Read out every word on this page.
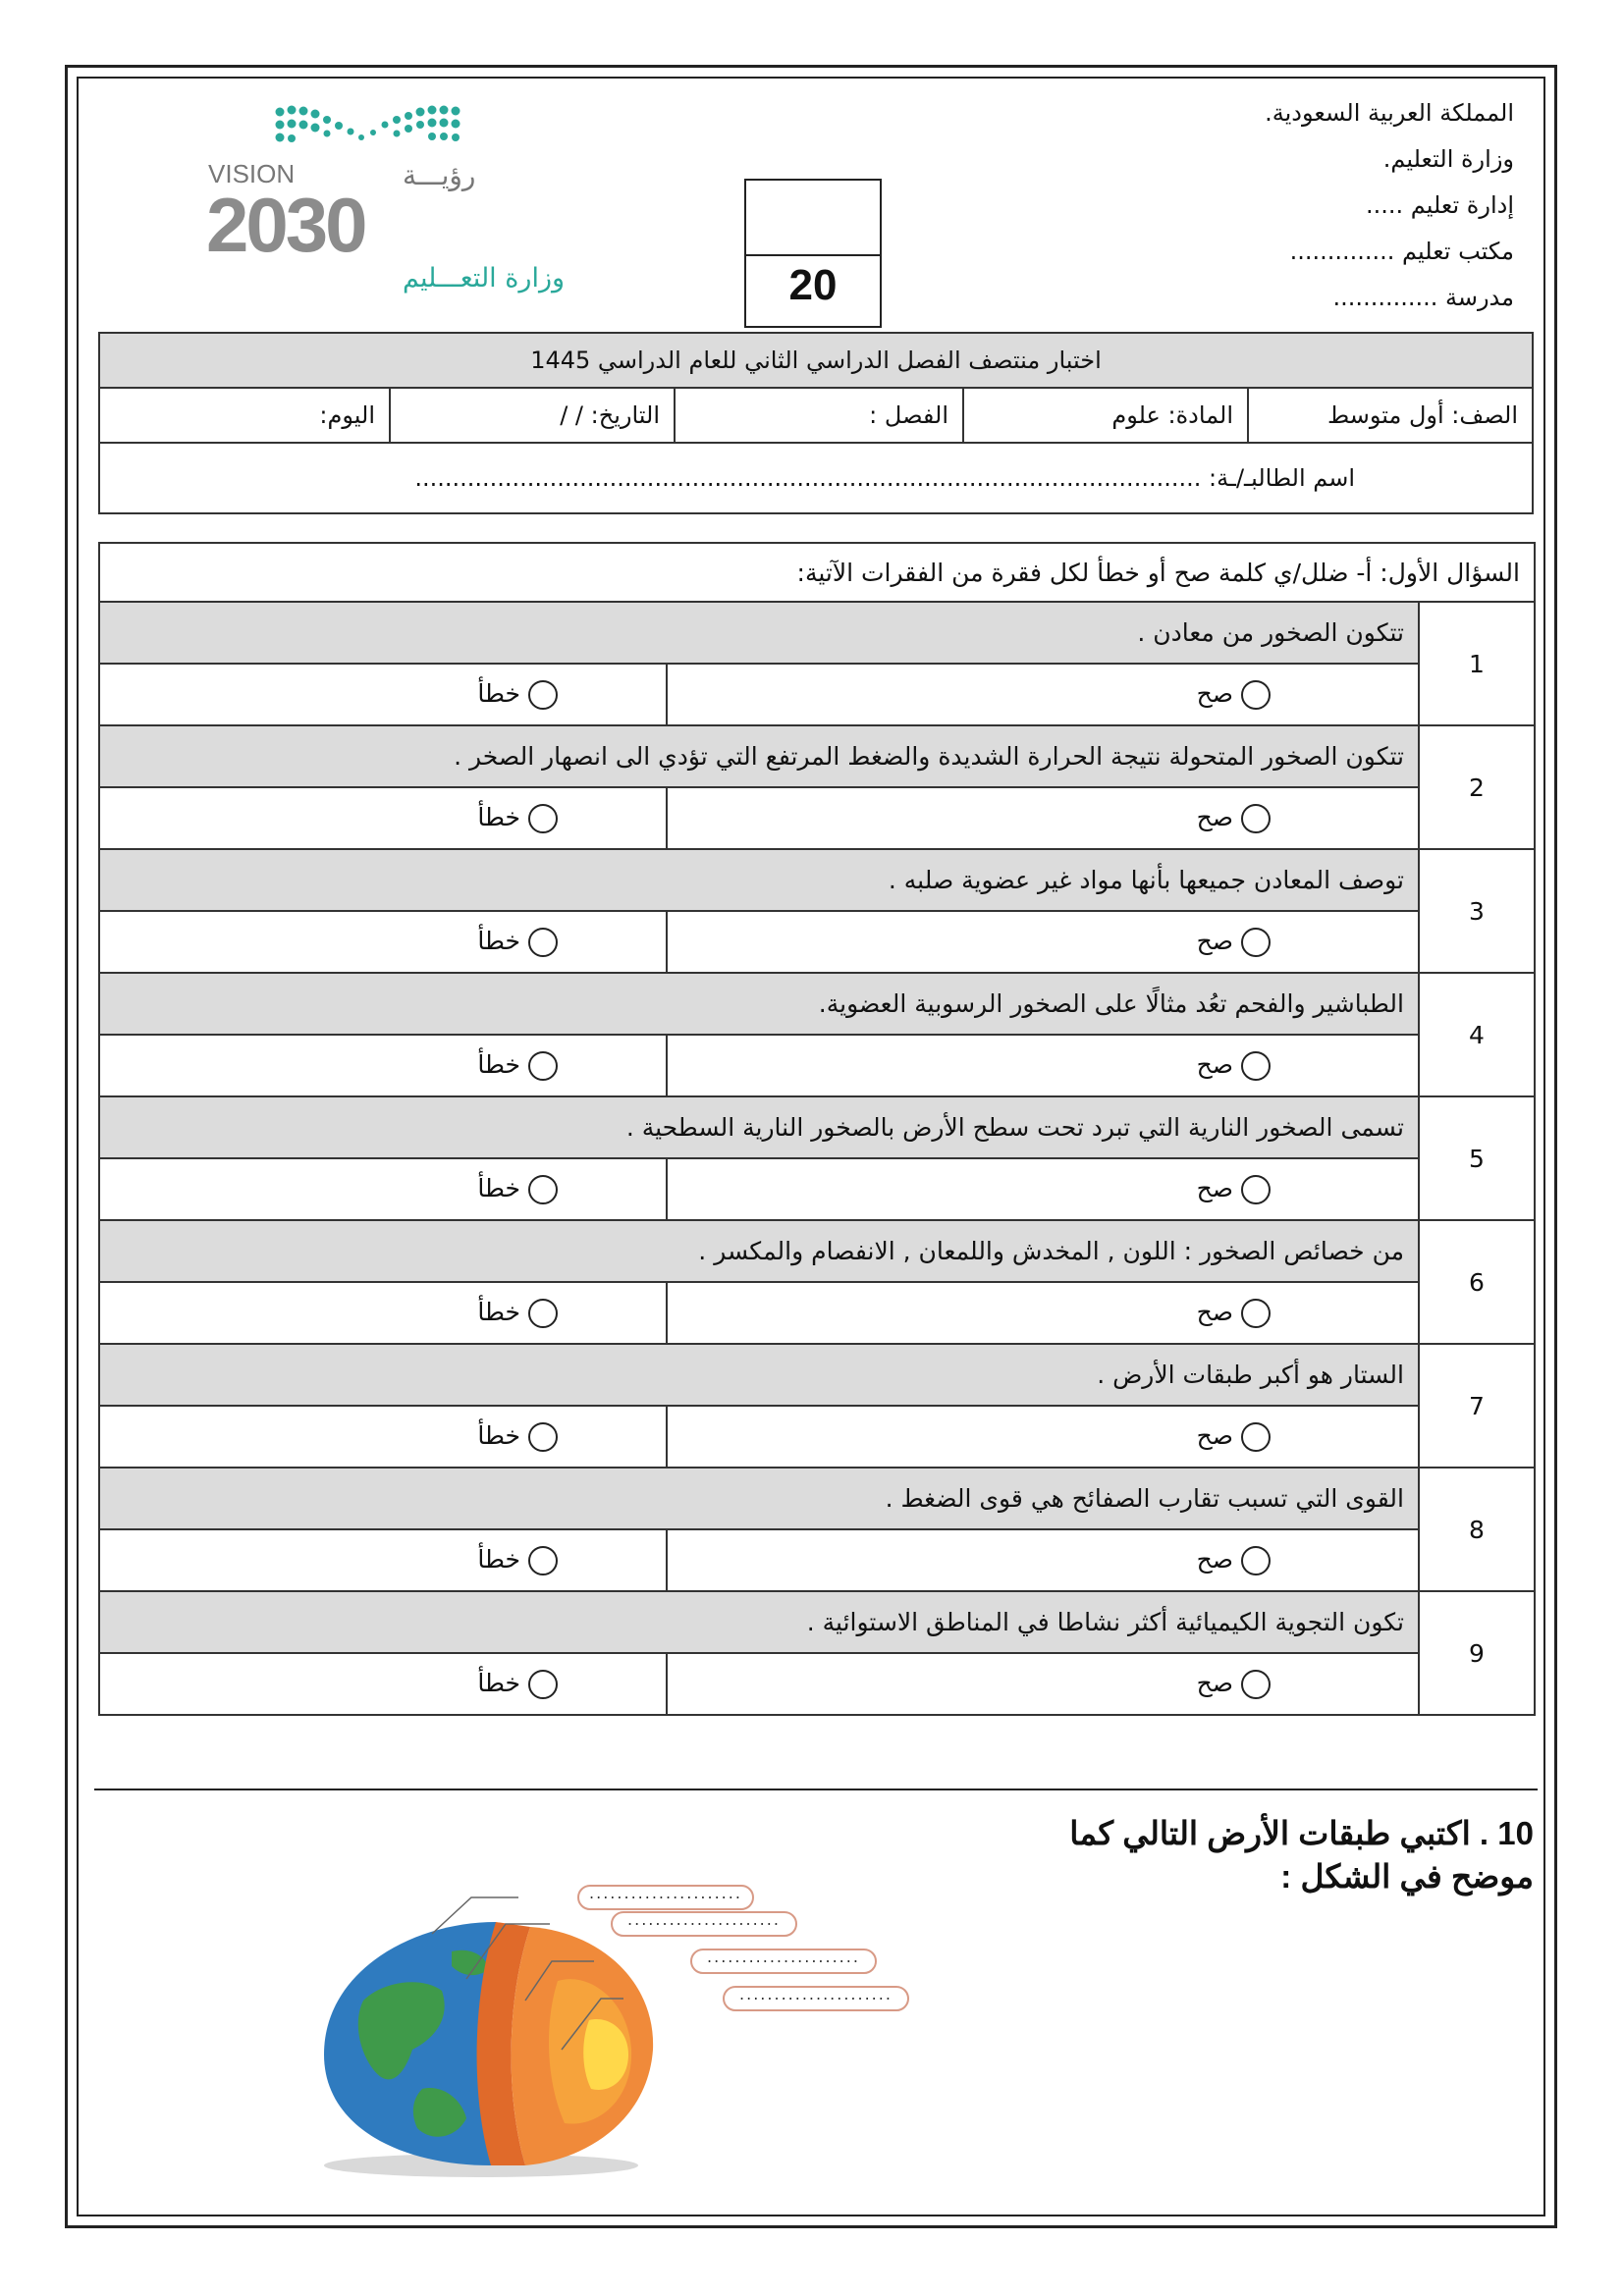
المملكة العربية السعودية.
وزارة التعليم.
إدارة تعليم .....
مكتب تعليم ..............
مدرسة ..............
20
VISION	رؤيـــة
2030
وزارة التعـــليم
اختبار منتصف الفصل الدراسي الثاني للعام الدراسي 1445
الصف: أول متوسط
المادة: علوم
الفصل :
التاريخ: / /
اليوم:
اسم الطالبـ/ـة: .........................................................................................................
السؤال الأول: أ- ضلل/ي كلمة صح أو خطأ لكل فقرة من الفقرات الآتية:		
1	تتكون الصخور من معادن .	
	صح	خطأ
2	تتكون الصخور المتحولة نتيجة الحرارة الشديدة والضغط المرتفع التي تؤدي الى انصهار الصخر .	
	صح	خطأ
3	توصف المعادن جميعها بأنها مواد غير عضوية صلبه .	
	صح	خطأ
4	الطباشير والفحم تعُد مثالًا على الصخور الرسوبية العضوية.	
	صح	خطأ
5	تسمى الصخور النارية التي تبرد تحت سطح الأرض بالصخور النارية السطحية .	
	صح	خطأ
6	من خصائص الصخور : اللون , المخدش واللمعان , الانفصام والمكسر .	
	صح	خطأ
7	الستار هو أكبر طبقات الأرض .	
	صح	خطأ
8	القوى التي تسبب تقارب الصفائح هي قوى الضغط .	
	صح	خطأ
9	تكون التجوية الكيميائية أكثر نشاطا في المناطق الاستوائية .	
	صح	خطأ
10 . اكتبي طبقات الأرض التالي كما موضح في الشكل :
......................
......................
......................
......................
